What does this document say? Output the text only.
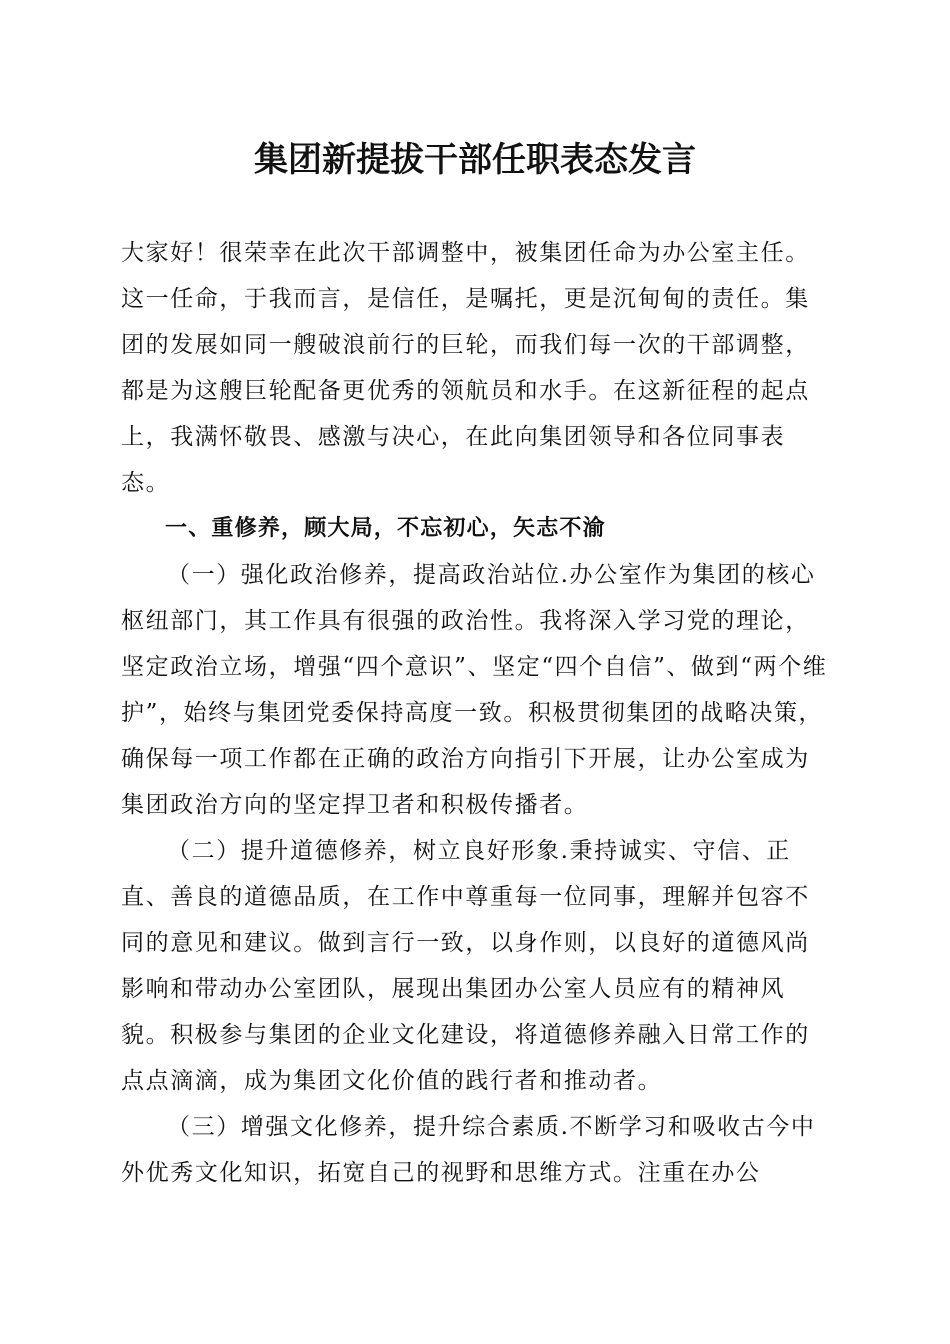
集团新提拔干部任职表态发言

大家好！很荣幸在此次干部调整中，被集团任命为办公室主任。这一任命，于我而言，是信任，是嘱托，更是沉甸甸的责任。集团的发展如同一艘破浪前行的巨轮，而我们每一次的干部调整，都是为这艘巨轮配备更优秀的领航员和水手。在这新征程的起点上，我满怀敬畏、感激与决心，在此向集团领导和各位同事表态。

一、重修养，顾大局，不忘初心，矢志不渝

（一）强化政治修养，提高政治站位.办公室作为集团的核心枢纽部门，其工作具有很强的政治性。我将深入学习党的理论，坚定政治立场，增强“四个意识”、坚定“四个自信”、做到“两个维护”，始终与集团党委保持高度一致。积极贯彻集团的战略决策，确保每一项工作都在正确的政治方向指引下开展，让办公室成为集团政治方向的坚定捍卫者和积极传播者。

（二）提升道德修养，树立良好形象.秉持诚实、守信、正直、善良的道德品质，在工作中尊重每一位同事，理解并包容不同的意见和建议。做到言行一致，以身作则，以良好的道德风尚影响和带动办公室团队，展现出集团办公室人员应有的精神风貌。积极参与集团的企业文化建设，将道德修养融入日常工作的点点滴滴，成为集团文化价值的践行者和推动者。

（三）增强文化修养，提升综合素质.不断学习和吸收古今中外优秀文化知识，拓宽自己的视野和思维方式。注重在办公
